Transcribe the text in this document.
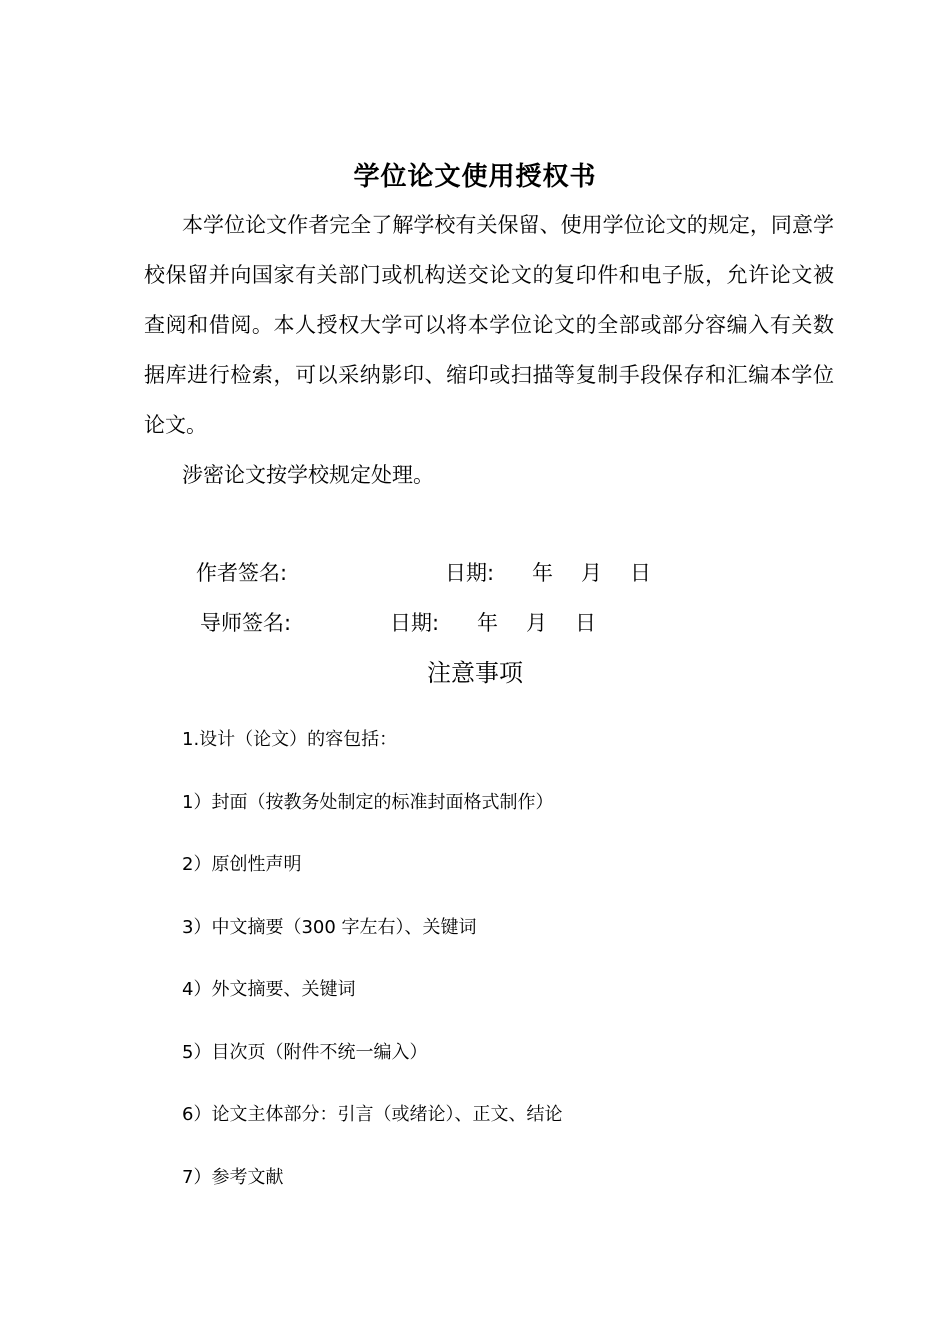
学位论文使用授权书
本学位论文作者完全了解学校有关保留、使用学位论文的规定，同意学校保留并向国家有关部门或机构送交论文的复印件和电子版，允许论文被查阅和借阅。本人授权大学可以将本学位论文的全部或部分容编入有关数据库进行检索，可以采纳影印、缩印或扫描等复制手段保存和汇编本学位论文。
涉密论文按学校规定处理。
作者签名:	日期: 年 月 日
导师签名:	日期: 年 月 日
注意事项
1.设计（论文）的容包括：
1）封面（按教务处制定的标准封面格式制作）
2）原创性声明
3）中文摘要（300 字左右）、关键词
4）外文摘要、关键词
5）目次页（附件不统一编入）
6）论文主体部分：引言（或绪论）、正文、结论
7）参考文献
